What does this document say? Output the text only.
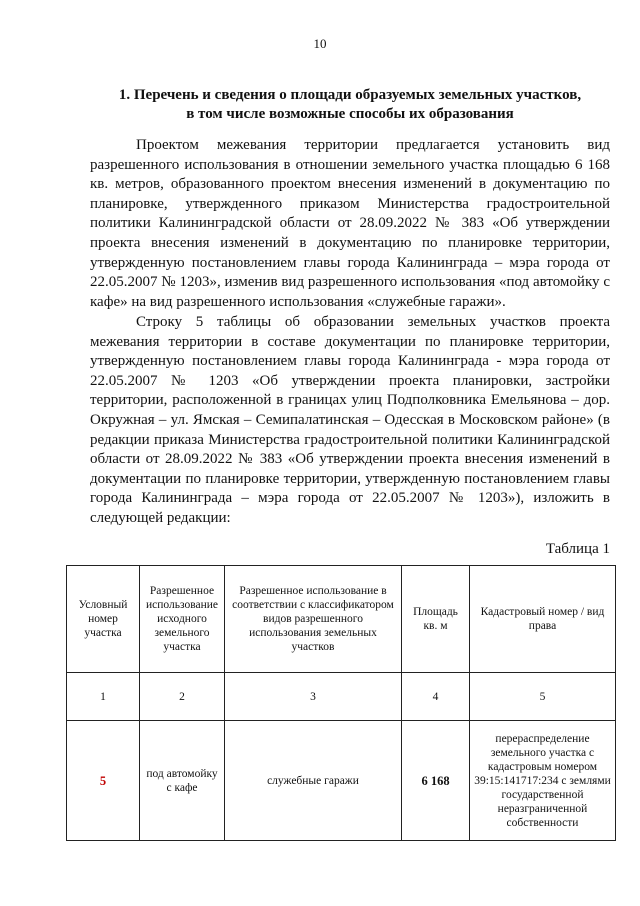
10
1. Перечень и сведения о площади образуемых земельных участков,
в том числе возможные способы их образования
Проектом межевания территории предлагается установить вид разрешенного использования в отношении земельного участка площадью 6 168 кв. метров, образованного проектом внесения изменений в документацию по планировке, утвержденного приказом Министерства градостроительной политики Калининградской области от 28.09.2022 № 383 «Об утверждении проекта внесения изменений в документацию по планировке территории, утвержденную постановлением главы города Калининграда – мэра города от 22.05.2007 № 1203», изменив вид разрешенного использования «под автомойку с кафе» на вид разрешенного использования «служебные гаражи».
Строку 5 таблицы об образовании земельных участков проекта межевания территории в составе документации по планировке территории, утвержденную постановлением главы города Калининграда - мэра города от 22.05.2007 № 1203 «Об утверждении проекта планировки, застройки территории, расположенной в границах улиц Подполковника Емельянова – дор. Окружная – ул. Ямская – Семипалатинская – Одесская в Московском районе» (в редакции приказа Министерства градостроительной политики Калининградской области от 28.09.2022 № 383 «Об утверждении проекта внесения изменений в документации по планировке территории, утвержденную постановлением главы города Калининграда – мэра города от 22.05.2007 № 1203»), изложить в следующей редакции:
Таблица 1
Условный номер участка	Разрешенное использование исходного земельного участка	Разрешенное использование в соответствии с классификатором видов разрешенного использования земельных участков	Площадь кв. м	Кадастровый номер / вид права
1	2	3	4	5
5	под автомойку с кафе	служебные гаражи	6 168	перераспределение земельного участка с кадастровым номером 39:15:141717:234 с землями государственной неразграниченной собственности
